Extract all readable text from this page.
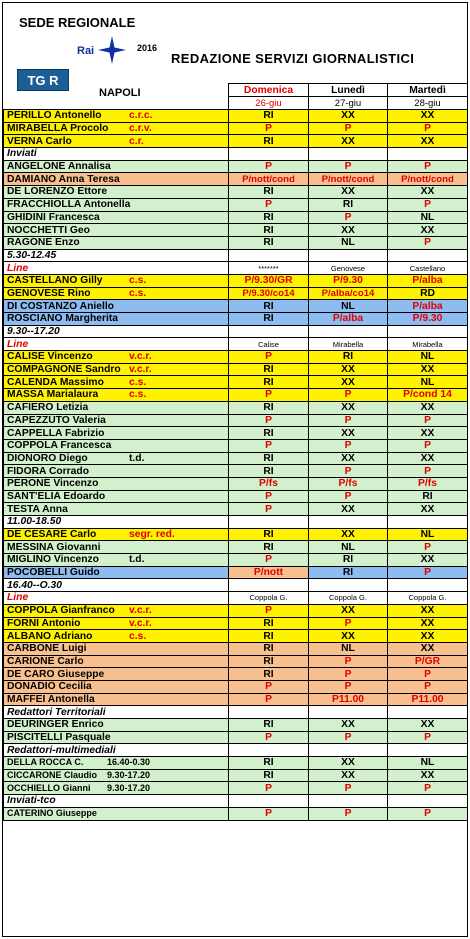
SEDE REGIONALE
Rai	2016
REDAZIONE SERVIZI GIORNALISTICI
TG R
NAPOLI
		Domenica	Lunedì	Martedì
	26-giu	27-giu	28-giu
PERILLO Antonello c.r.c.	RI	XX	XX
MIRABELLA Procolo c.r.v.	P	P	P
VERNA Carlo c.r.	RI	XX	XX
Inviati			
ANGELONE Annalisa	P	P	P
DAMIANO Anna Teresa	P/nott/cond	P/nott/cond	P/nott/cond
DE LORENZO Ettore	RI	XX	XX
FRACCHIOLLA Antonella	P	RI	P
GHIDINI Francesca	RI	P	NL
NOCCHETTI Geo	RI	XX	XX
RAGONE Enzo	RI	NL	P
5.30-12.45			
Line	*******	Genovese	Castellano
CASTELLANO Gilly c.s.	P/9.30/GR	P/9.30	P/alba
GENOVESE Rino c.s.	P/9.30/co14	P/alba/co14	RD
DI COSTANZO Aniello	RI	NL	P/alba
ROSCIANO Margherita	RI	P/alba	P/9.30
9.30--17.20			
Line	Calise	Mirabella	Mirabella
CALISE Vincenzo v.c.r.	P	RI	NL
COMPAGNONE Sandro v.c.r.	RI	XX	XX
CALENDA Massimo c.s.	RI	XX	NL
MASSA Marialaura c.s.	P	P	P/cond 14
CAFIERO Letizia	RI	XX	XX
CAPEZZUTO Valeria	P	P	P
CAPPELLA Fabrizio	RI	XX	XX
COPPOLA Francesca	P	P	P
DIONORO Diego t.d.	RI	XX	XX
FIDORA Corrado	RI	P	P
PERONE Vincenzo	P/fs	P/fs	P/fs
SANT'ELIA Edoardo	P	P	RI
TESTA Anna	P	XX	XX
11.00-18.50			
DE CESARE Carlo segr. red.	RI	XX	NL
MESSINA Giovanni	RI	NL	P
MIGLINO Vincenzo t.d.	P	RI	XX
POCOBELLI Guido	P/nott	RI	P
16.40--O.30			
Line	Coppola G.	Coppola G.	Coppola G.
COPPOLA Gianfranco v.c.r.	P	XX	XX
FORNI Antonio v.c.r.	RI	P	XX
ALBANO Adriano c.s.	RI	XX	XX
CARBONE Luigi	RI	NL	XX
CARIONE Carlo	RI	P	P/GR
DE CARO Giuseppe	RI	P	P
DONADIO Cecilia	P	P	P
MAFFEI Antonella	P	P11.00	P11.00
Redattori Territoriali			
DEURINGER Enrico	RI	XX	XX
PISCITELLI Pasquale	P	P	P
Redattori-multimediali			
DELLA ROCCA C. 16.40-0.30	RI	XX	NL
CICCARONE Claudio 9.30-17.20	RI	XX	XX
OCCHIELLO Gianni 9.30-17.20	P	P	P
Inviati-tco			
CATERINO Giuseppe	P	P	P
